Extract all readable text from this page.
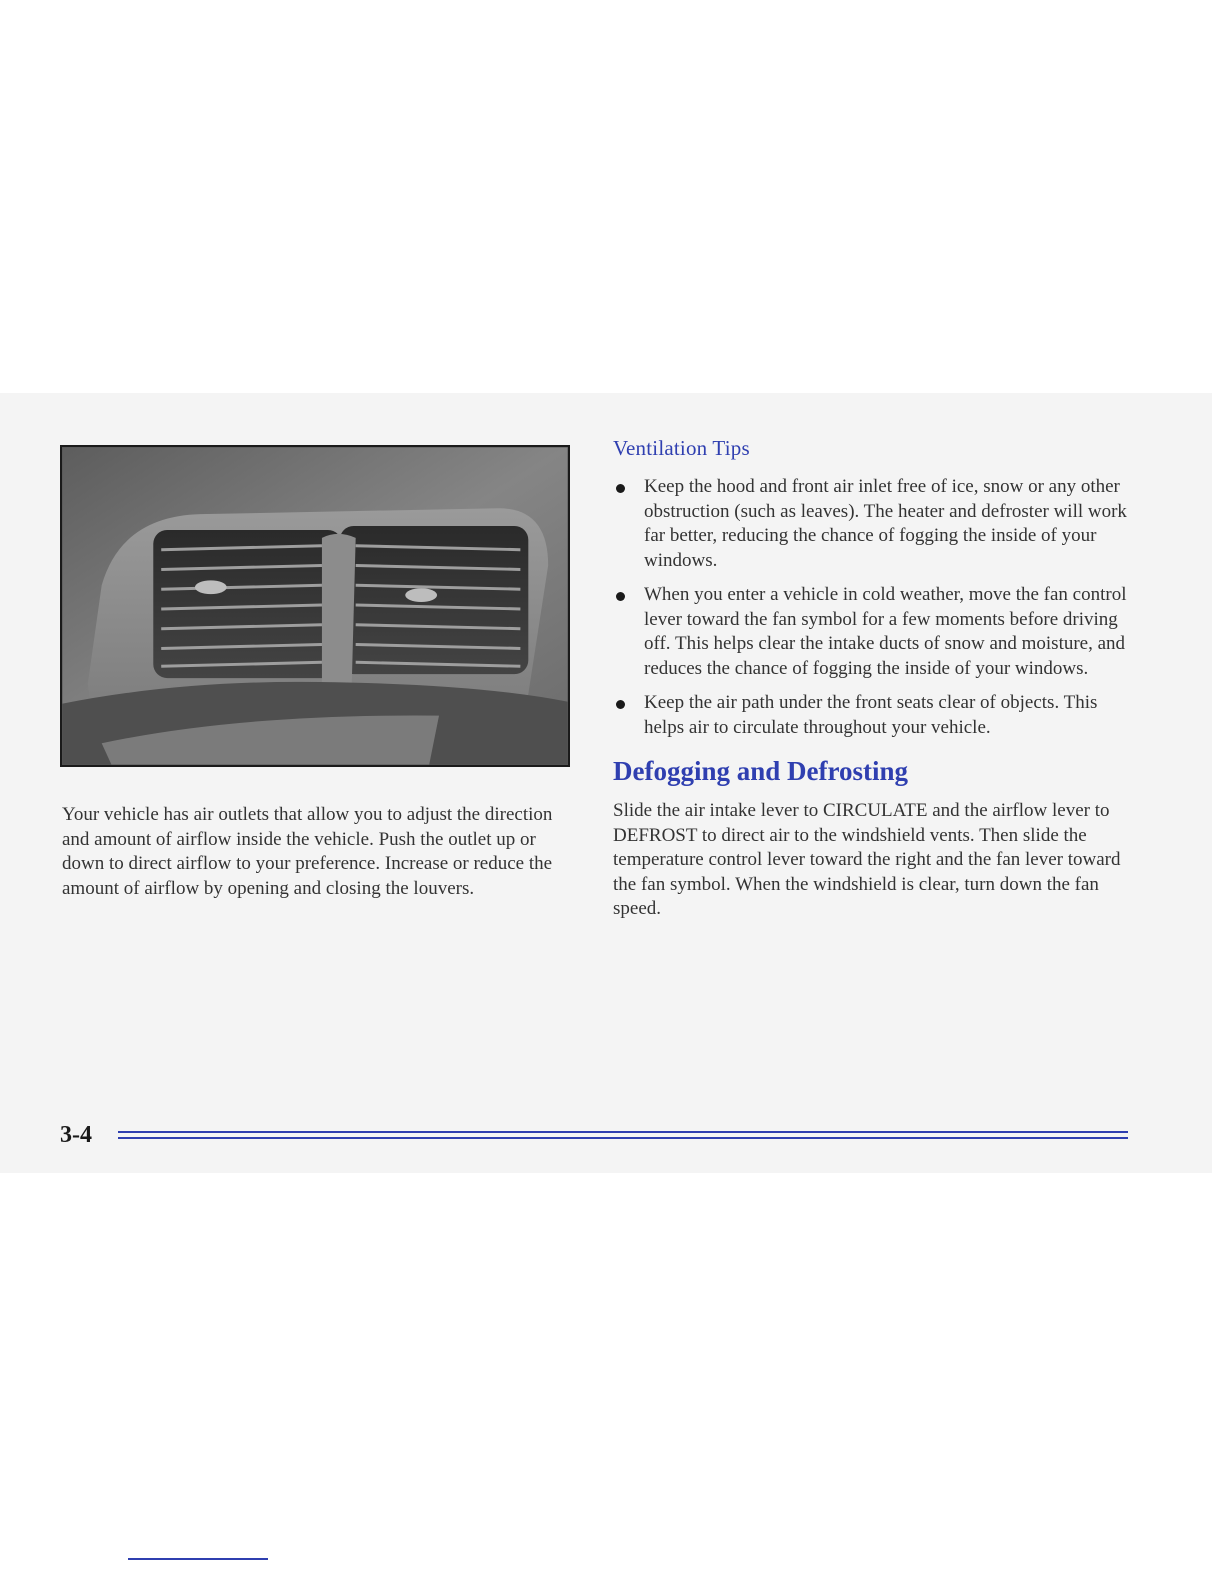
Your vehicle has air outlets that allow you to adjust the direction and amount of airflow inside the vehicle. Push the outlet up or down to direct airflow to your preference. Increase or reduce the amount of airflow by opening and closing the louvers.
Ventilation Tips
Keep the hood and front air inlet free of ice, snow or any other obstruction (such as leaves). The heater and defroster will work far better, reducing the chance of fogging the inside of your windows.
When you enter a vehicle in cold weather, move the fan control lever toward the fan symbol for a few moments before driving off. This helps clear the intake ducts of snow and moisture, and reduces the chance of fogging the inside of your windows.
Keep the air path under the front seats clear of objects. This helps air to circulate throughout your vehicle.
Defogging and Defrosting

Slide the air intake lever to CIRCULATE and the airflow lever to DEFROST to direct air to the windshield vents. Then slide the temperature control lever toward the right and the fan lever toward the fan symbol. When the windshield is clear, turn down the fan speed.

3-4
